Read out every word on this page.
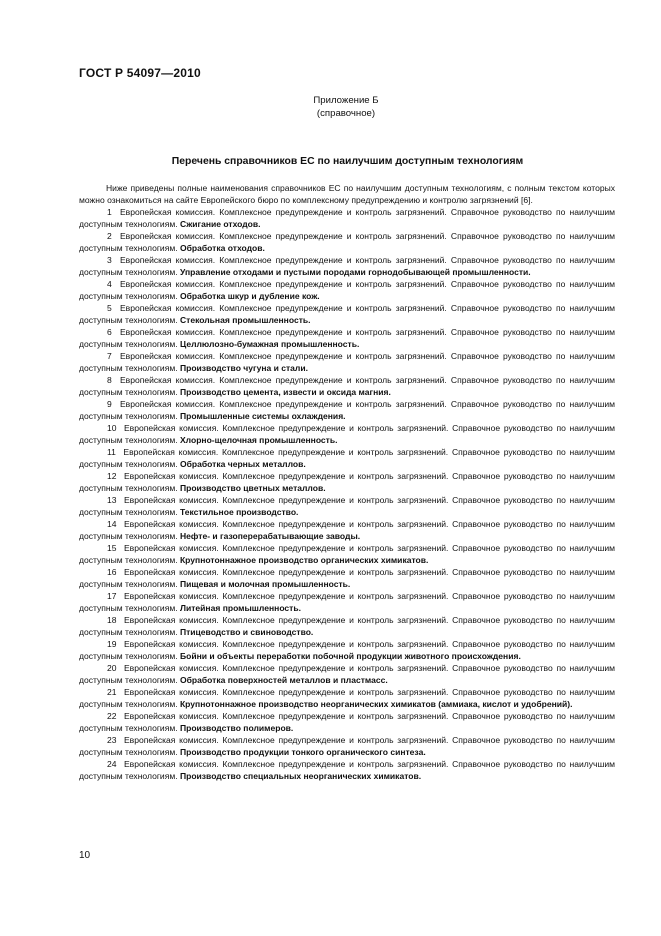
ГОСТ Р 54097—2010
Приложение Б
(справочное)
Перечень справочников ЕС по наилучшим доступным технологиям

Ниже приведены полные наименования справочников ЕС по наилучшим доступным технологиям, с полным текстом которых можно ознакомиться на сайте Европейского бюро по комплексному предупреждению и контролю загрязнений [6].

1 Европейская комиссия. Комплексное предупреждение и контроль загрязнений. Справочное руководство по наилучшим доступным технологиям. Сжигание отходов.

2 Европейская комиссия. Комплексное предупреждение и контроль загрязнений. Справочное руководство по наилучшим доступным технологиям. Обработка отходов.

3 Европейская комиссия. Комплексное предупреждение и контроль загрязнений. Справочное руководство по наилучшим доступным технологиям. Управление отходами и пустыми породами горнодобывающей промышленности.

4 Европейская комиссия. Комплексное предупреждение и контроль загрязнений. Справочное руководство по наилучшим доступным технологиям. Обработка шкур и дубление кож.

5 Европейская комиссия. Комплексное предупреждение и контроль загрязнений. Справочное руководство по наилучшим доступным технологиям. Стекольная промышленность.

6 Европейская комиссия. Комплексное предупреждение и контроль загрязнений. Справочное руководство по наилучшим доступным технологиям. Целлюлозно-бумажная промышленность.

7 Европейская комиссия. Комплексное предупреждение и контроль загрязнений. Справочное руководство по наилучшим доступным технологиям. Производство чугуна и стали.

8 Европейская комиссия. Комплексное предупреждение и контроль загрязнений. Справочное руководство по наилучшим доступным технологиям. Производство цемента, извести и оксида магния.

9 Европейская комиссия. Комплексное предупреждение и контроль загрязнений. Справочное руководство по наилучшим доступным технологиям. Промышленные системы охлаждения.

10 Европейская комиссия. Комплексное предупреждение и контроль загрязнений. Справочное руководство по наилучшим доступным технологиям. Хлорно-щелочная промышленность.

11 Европейская комиссия. Комплексное предупреждение и контроль загрязнений. Справочное руководство по наилучшим доступным технологиям. Обработка черных металлов.

12 Европейская комиссия. Комплексное предупреждение и контроль загрязнений. Справочное руководство по наилучшим доступным технологиям. Производство цветных металлов.

13 Европейская комиссия. Комплексное предупреждение и контроль загрязнений. Справочное руководство по наилучшим доступным технологиям. Текстильное производство.

14 Европейская комиссия. Комплексное предупреждение и контроль загрязнений. Справочное руководство по наилучшим доступным технологиям. Нефте- и газоперерабатывающие заводы.

15 Европейская комиссия. Комплексное предупреждение и контроль загрязнений. Справочное руководство по наилучшим доступным технологиям. Крупнотоннажное производство органических химикатов.

16 Европейская комиссия. Комплексное предупреждение и контроль загрязнений. Справочное руководство по наилучшим доступным технологиям. Пищевая и молочная промышленность.

17 Европейская комиссия. Комплексное предупреждение и контроль загрязнений. Справочное руководство по наилучшим доступным технологиям. Литейная промышленность.

18 Европейская комиссия. Комплексное предупреждение и контроль загрязнений. Справочное руководство по наилучшим доступным технологиям. Птицеводство и свиноводство.

19 Европейская комиссия. Комплексное предупреждение и контроль загрязнений. Справочное руководство по наилучшим доступным технологиям. Бойни и объекты переработки побочной продукции животного происхождения.

20 Европейская комиссия. Комплексное предупреждение и контроль загрязнений. Справочное руководство по наилучшим доступным технологиям. Обработка поверхностей металлов и пластмасс.

21 Европейская комиссия. Комплексное предупреждение и контроль загрязнений. Справочное руководство по наилучшим доступным технологиям. Крупнотоннажное производство неорганических химикатов (аммиака, кислот и удобрений).

22 Европейская комиссия. Комплексное предупреждение и контроль загрязнений. Справочное руководство по наилучшим доступным технологиям. Производство полимеров.

23 Европейская комиссия. Комплексное предупреждение и контроль загрязнений. Справочное руководство по наилучшим доступным технологиям. Производство продукции тонкого органического синтеза.

24 Европейская комиссия. Комплексное предупреждение и контроль загрязнений. Справочное руководство по наилучшим доступным технологиям. Производство специальных неорганических химикатов.

10
